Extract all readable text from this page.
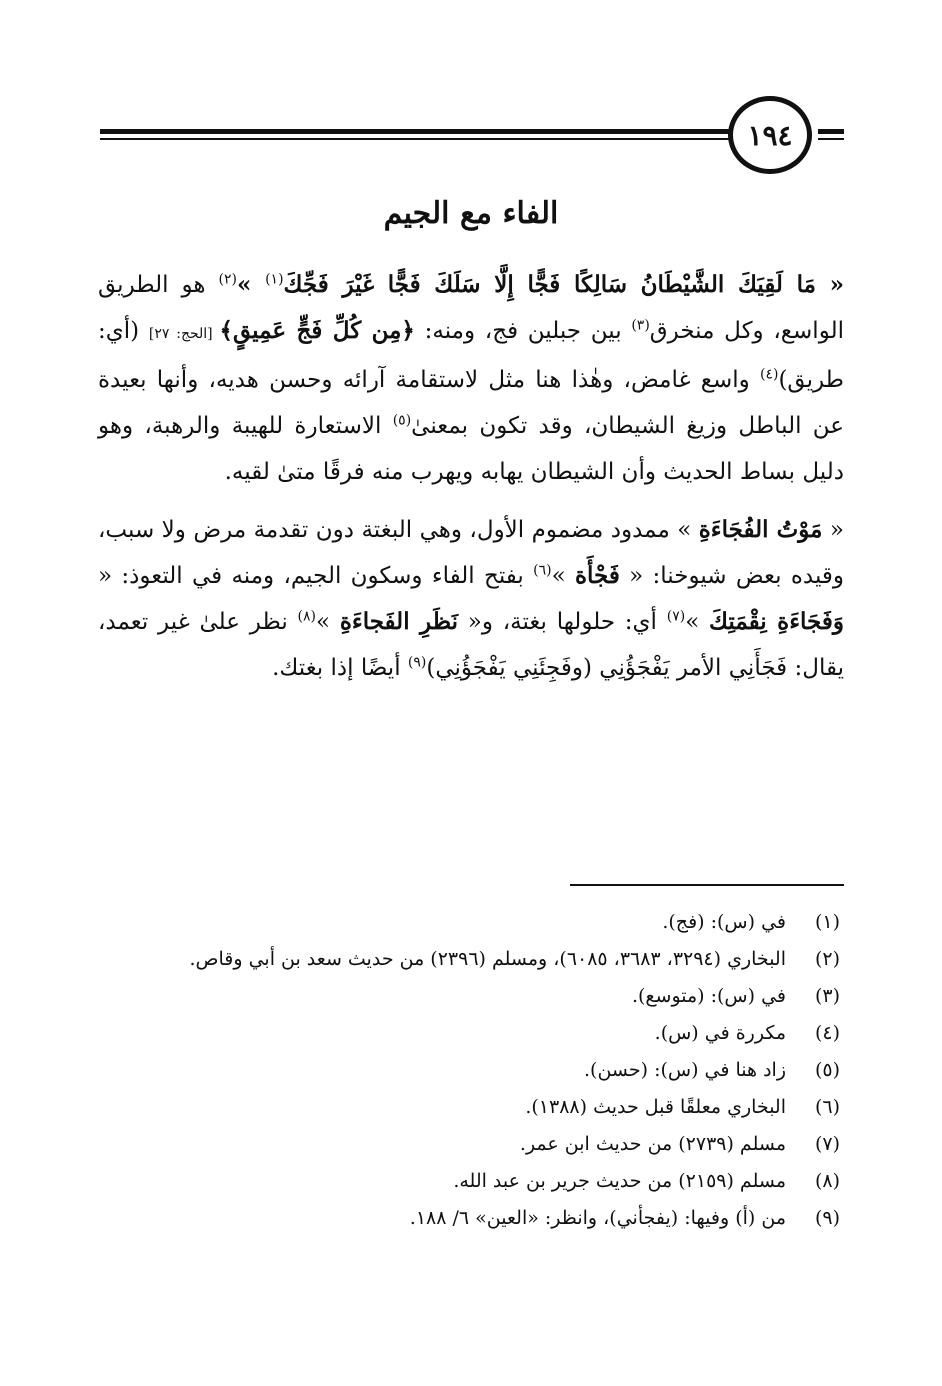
١٩٤
الفاء مع الجيم

« مَا لَقِيَكَ الشَّيْطَانُ سَالِكًا فَجًّا إِلَّا سَلَكَ فَجًّا غَيْرَ فَجِّكَ$^{(١)}$ »$^{(٢)}$ هو الطريق الواسع، وكل منخرق$^{(٣)}$ بين جبلين فج، ومنه: ﴿مِن كُلِّ فَجٍّ عَمِيقٍ﴾ [الحج: ٢٧] (أي: طريق)$^{(٤)}$ واسع غامض، وهٰذا هنا مثل لاستقامة آرائه وحسن هديه، وأنها بعيدة عن الباطل وزيغ الشيطان، وقد تكون بمعنىٰ$^{(٥)}$ الاستعارة للهيبة والرهبة، وهو دليل بساط الحديث وأن الشيطان يهابه ويهرب منه فرقًا متىٰ لقيه.

« مَوْتُ الفُجَاءَةِ » ممدود مضموم الأول، وهي البغتة دون تقدمة مرض ولا سبب، وقيده بعض شيوخنا: « فَجْأَة »$^{(٦)}$ بفتح الفاء وسكون الجيم، ومنه في التعوذ: « وَفَجَاءَةِ نِقْمَتِكَ »$^{(٧)}$ أي: حلولها بغتة، و« نَظَرِ الفَجاءَةِ »$^{(٨)}$ نظر علىٰ غير تعمد، يقال: فَجَأَنِي الأمر يَفْجَؤُنِي (وفَجِئَنِي يَفْجَؤُنِي)$^{(٩)}$ أيضًا إذا بغتك.

(١)
في (س): (فج).
(٢)
البخاري (٣٢٩٤، ٣٦٨٣، ٦٠٨٥)، ومسلم (٢٣٩٦) من حديث سعد بن أبي وقاص.
(٣)
في (س): (متوسع).
(٤)
مكررة في (س).
(٥)
زاد هنا في (س): (حسن).
(٦)
البخاري معلقًا قبل حديث (١٣٨٨).
(٧)
مسلم (٢٧٣٩) من حديث ابن عمر.
(٨)
مسلم (٢١٥٩) من حديث جرير بن عبد الله.
(٩)
من (أ) وفيها: (يفجأني)، وانظر: «العين» ٦/ ١٨٨.
